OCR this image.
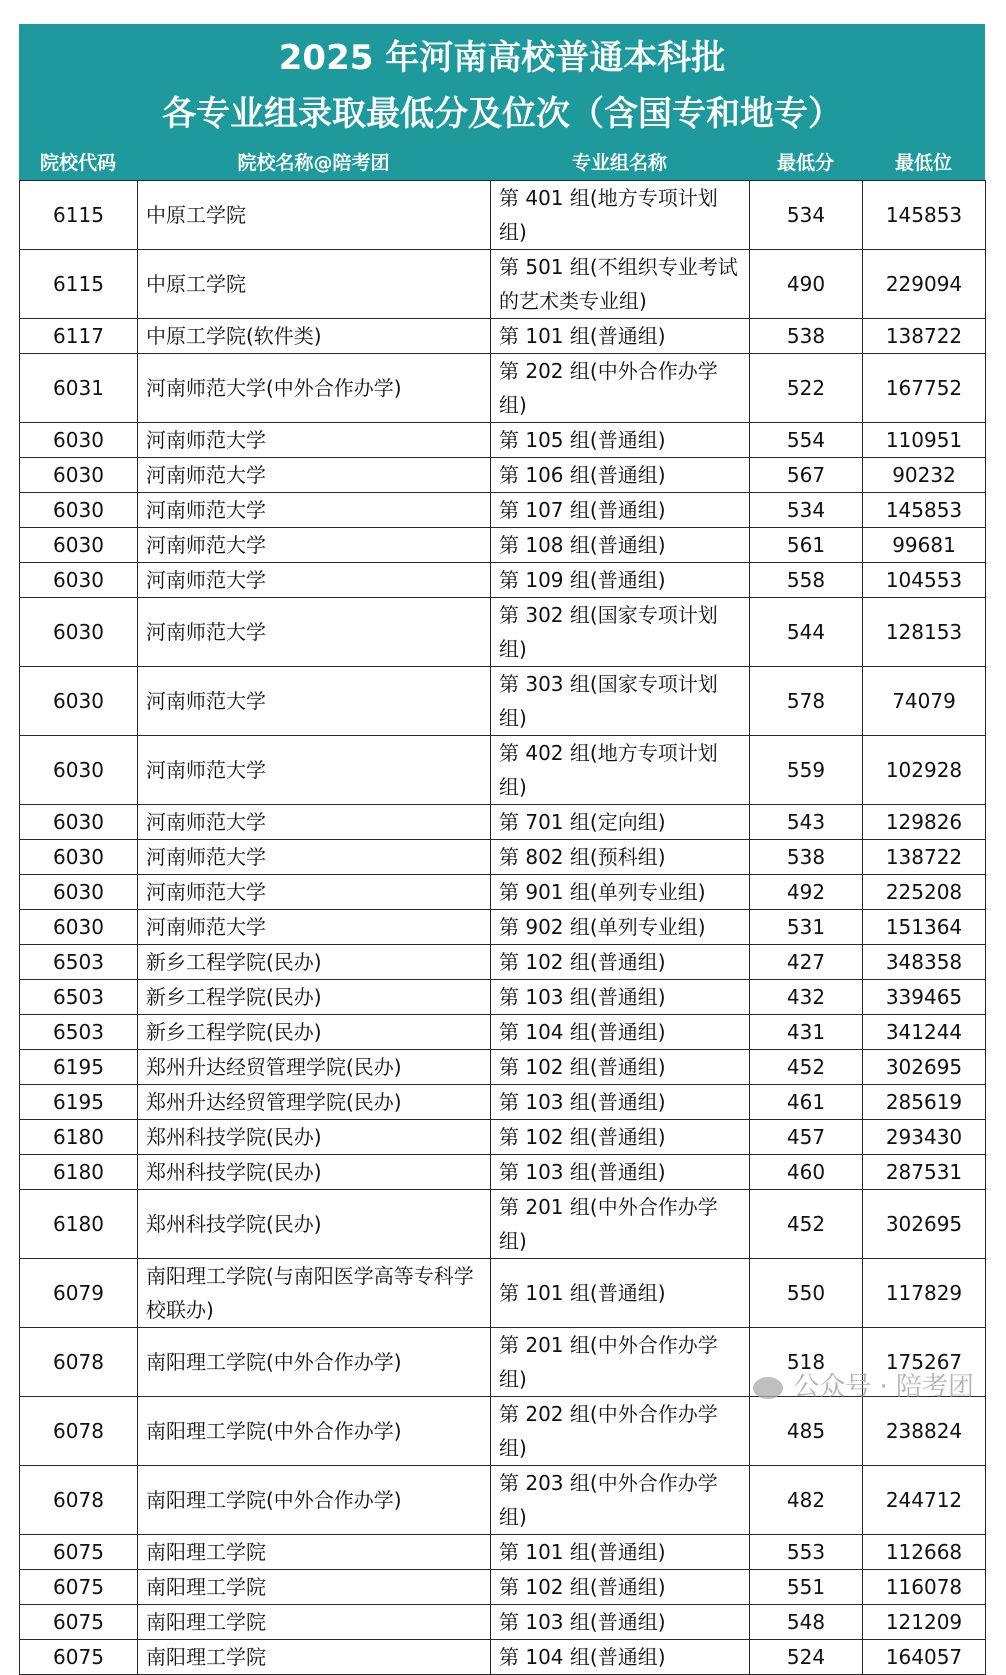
2025 年河南高校普通本科批
各专业组录取最低分及位次（含国专和地专）
院校代码	院校名称@陪考团	专业组名称	最低分	最低位
6115	中原工学院	第 401 组(地方专项计划组)	534	145853
6115	中原工学院	第 501 组(不组织专业考试的艺术类专业组)	490	229094
6117	中原工学院(软件类)	第 101 组(普通组)	538	138722
6031	河南师范大学(中外合作办学)	第 202 组(中外合作办学组)	522	167752
6030	河南师范大学	第 105 组(普通组)	554	110951
6030	河南师范大学	第 106 组(普通组)	567	90232
6030	河南师范大学	第 107 组(普通组)	534	145853
6030	河南师范大学	第 108 组(普通组)	561	99681
6030	河南师范大学	第 109 组(普通组)	558	104553
6030	河南师范大学	第 302 组(国家专项计划组)	544	128153
6030	河南师范大学	第 303 组(国家专项计划组)	578	74079
6030	河南师范大学	第 402 组(地方专项计划组)	559	102928
6030	河南师范大学	第 701 组(定向组)	543	129826
6030	河南师范大学	第 802 组(预科组)	538	138722
6030	河南师范大学	第 901 组(单列专业组)	492	225208
6030	河南师范大学	第 902 组(单列专业组)	531	151364
6503	新乡工程学院(民办)	第 102 组(普通组)	427	348358
6503	新乡工程学院(民办)	第 103 组(普通组)	432	339465
6503	新乡工程学院(民办)	第 104 组(普通组)	431	341244
6195	郑州升达经贸管理学院(民办)	第 102 组(普通组)	452	302695
6195	郑州升达经贸管理学院(民办)	第 103 组(普通组)	461	285619
6180	郑州科技学院(民办)	第 102 组(普通组)	457	293430
6180	郑州科技学院(民办)	第 103 组(普通组)	460	287531
6180	郑州科技学院(民办)	第 201 组(中外合作办学组)	452	302695
6079	南阳理工学院(与南阳医学高等专科学校联办)	第 101 组(普通组)	550	117829
6078	南阳理工学院(中外合作办学)	第 201 组(中外合作办学组)	518	175267
6078	南阳理工学院(中外合作办学)	第 202 组(中外合作办学组)	485	238824
6078	南阳理工学院(中外合作办学)	第 203 组(中外合作办学组)	482	244712
6075	南阳理工学院	第 101 组(普通组)	553	112668
6075	南阳理工学院	第 102 组(普通组)	551	116078
6075	南阳理工学院	第 103 组(普通组)	548	121209
6075	南阳理工学院	第 104 组(普通组)	524	164057
公众号 · 陪考团
